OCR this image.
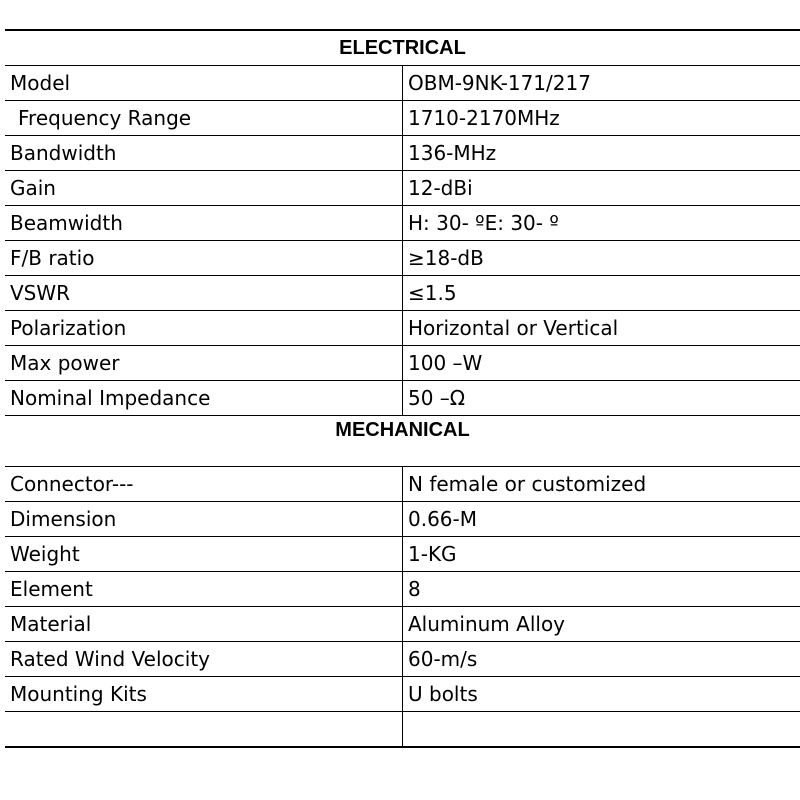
ELECTRICAL	
Model	OBM-9NK-171/217
Frequency Range	1710-2170MHz
Bandwidth	136-MHz
Gain	12-dBi
Beamwidth	H: 30- ºE: 30- º
F/B ratio	≥18-dB
VSWR	≤1.5
Polarization	Horizontal or Vertical
Max power	100 –W
Nominal Impedance	50 –Ω
MECHANICAL	
Connector---	N female or customized
Dimension	0.66-M
Weight	1-KG
Element	8
Material	Aluminum Alloy
Rated Wind Velocity	60-m/s
Mounting Kits	U bolts
